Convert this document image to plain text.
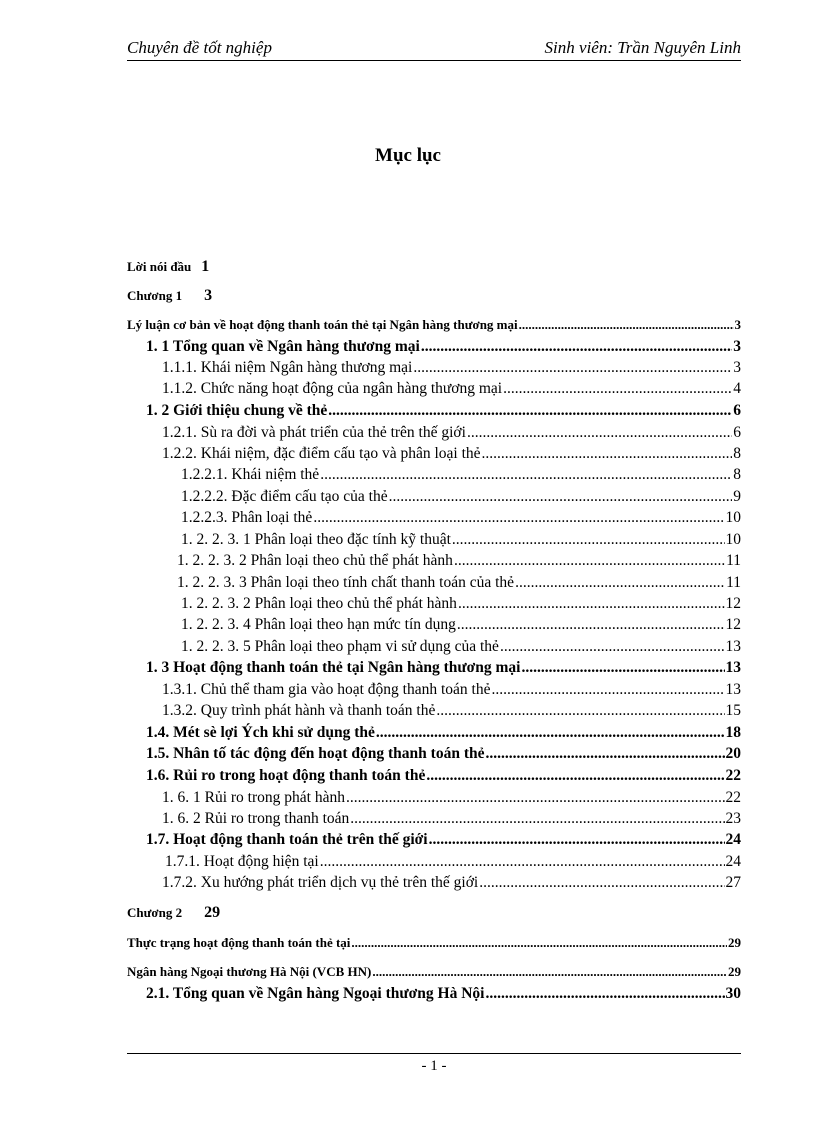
Chuyên đề tốt nghiệp	Sinh viên: Trần Nguyên Linh
Mục lục
Lời nói đầu 1
Chương 1 3
Lý luận cơ bản về hoạt động thanh toán thẻ tại Ngân hàng thương mại .....	3
1. 1 Tổng quan về Ngân hàng thương mại .....	3
1.1.1. Khái niệm Ngân hàng thương mại .....	3
1.1.2. Chức năng hoạt động của ngân hàng thương mại .....	4
1. 2 Giới thiệu chung về thẻ .....	6
1.2.1. Sù ra đời và phát triển của thẻ trên thế giới .....	6
1.2.2. Khái niệm, đặc điểm cấu tạo và phân loại thẻ .....	8
1.2.2.1. Khái niệm thẻ .....	8
1.2.2.2. Đặc điểm cấu tạo của thẻ .....	9
1.2.2.3. Phân loại thẻ .....	10
1. 2. 2. 3. 1 Phân loại theo đặc tính kỹ thuật .....	10
1. 2. 2. 3. 2 Phân loại theo chủ thể phát hành .....	11
1. 2. 2. 3. 3 Phân loại theo tính chất thanh toán của thẻ .....	11
1. 2. 2. 3. 2 Phân loại theo chủ thể phát hành .....	12
1. 2. 2. 3. 4 Phân loại theo hạn mức tín dụng .....	12
1. 2. 2. 3. 5 Phân loại theo phạm vi sử dụng của thẻ .....	13
1. 3 Hoạt động thanh toán thẻ tại Ngân hàng thương mại .....	13
1.3.1. Chủ thể tham gia vào hoạt động thanh toán thẻ .....	13
1.3.2. Quy trình phát hành và thanh toán thẻ .....	15
1.4. Mét sè lợi Ých khi sử dụng thẻ .....	18
1.5. Nhân tố tác động đến hoạt động thanh toán thẻ .....	20
1.6. Rủi ro trong hoạt động thanh toán thẻ .....	22
1. 6. 1 Rủi ro trong phát hành .....	22
1. 6. 2 Rủi ro trong thanh toán .....	23
1.7. Hoạt động thanh toán thẻ trên thế giới .....	24
1.7.1. Hoạt động hiện tại .....	24
1.7.2. Xu hướng phát triển dịch vụ thẻ trên thế giới .....	27
Chương 2 29
Thực trạng hoạt động thanh toán thẻ tại .....	29
Ngân hàng Ngoại thương Hà Nội (VCB HN) .....	29
2.1. Tổng quan về Ngân hàng Ngoại thương Hà Nội .....	30
- 1 -
